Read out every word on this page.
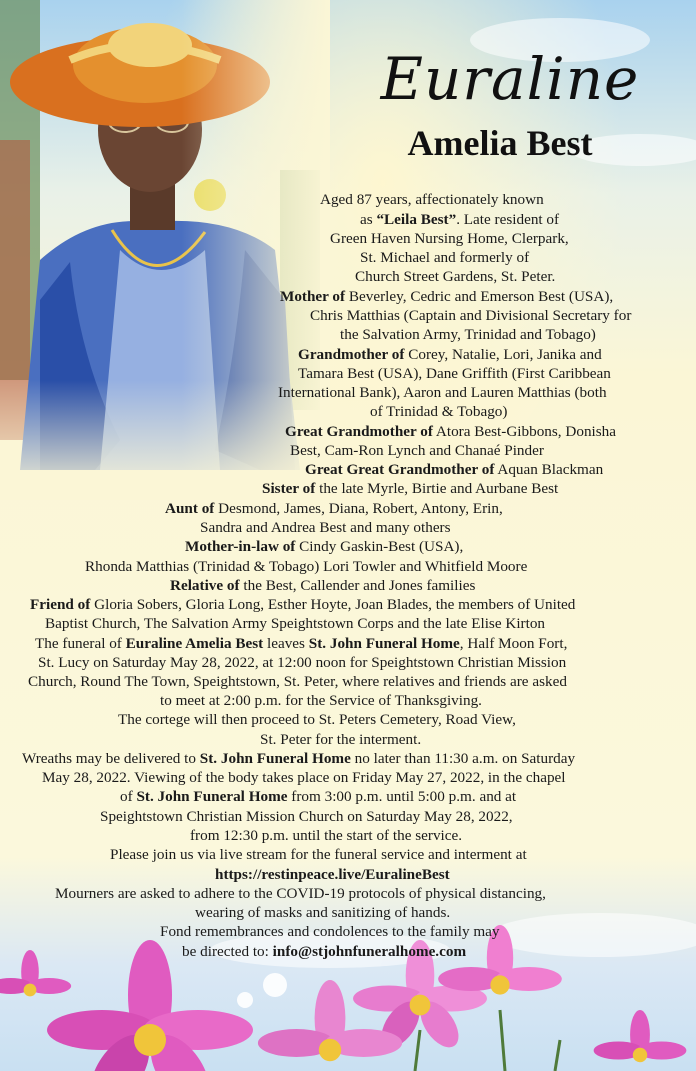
Euraline
Amelia Best
Aged 87 years, affectionately known
as “Leila Best”. Late resident of
Green Haven Nursing Home, Clerpark,
St. Michael and formerly of
Church Street Gardens, St. Peter.
Mother of Beverley, Cedric and Emerson Best (USA),
Chris Matthias (Captain and Divisional Secretary for
the Salvation Army, Trinidad and Tobago)
Grandmother of Corey, Natalie, Lori, Janika and
Tamara Best (USA), Dane Griffith (First Caribbean
International Bank), Aaron and Lauren Matthias (both
of Trinidad & Tobago)
Great Grandmother of Atora Best-Gibbons, Donisha
Best, Cam-Ron Lynch and Chanaé Pinder
Great Great Grandmother of Aquan Blackman
Sister of the late Myrle, Birtie and Aurbane Best
Aunt of Desmond, James, Diana, Robert, Antony, Erin,
Sandra and Andrea Best and many others
Mother-in-law of Cindy Gaskin-Best (USA),
Rhonda Matthias (Trinidad & Tobago) Lori Towler and Whitfield Moore
Relative of the Best, Callender and Jones families
Friend of Gloria Sobers, Gloria Long, Esther Hoyte, Joan Blades, the members of United
Baptist Church, The Salvation Army Speightstown Corps and the late Elise Kirton
The funeral of Euraline Amelia Best leaves St. John Funeral Home, Half Moon Fort,
St. Lucy on Saturday May 28, 2022, at 12:00 noon for Speightstown Christian Mission
Church, Round The Town, Speightstown, St. Peter, where relatives and friends are asked
to meet at 2:00 p.m. for the Service of Thanksgiving.
The cortege will then proceed to St. Peters Cemetery, Road View,
St. Peter for the interment.
Wreaths may be delivered to St. John Funeral Home no later than 11:30 a.m. on Saturday
May 28, 2022. Viewing of the body takes place on Friday May 27, 2022, in the chapel
of St. John Funeral Home from 3:00 p.m. until 5:00 p.m. and at
Speightstown Christian Mission Church on Saturday May 28, 2022,
from 12:30 p.m. until the start of the service.
Please join us via live stream for the funeral service and interment at
https://restinpeace.live/EuralineBest
Mourners are asked to adhere to the COVID-19 protocols of physical distancing,
wearing of masks and sanitizing of hands.
Fond remembrances and condolences to the family may
be directed to: info@stjohnfuneralhome.com
